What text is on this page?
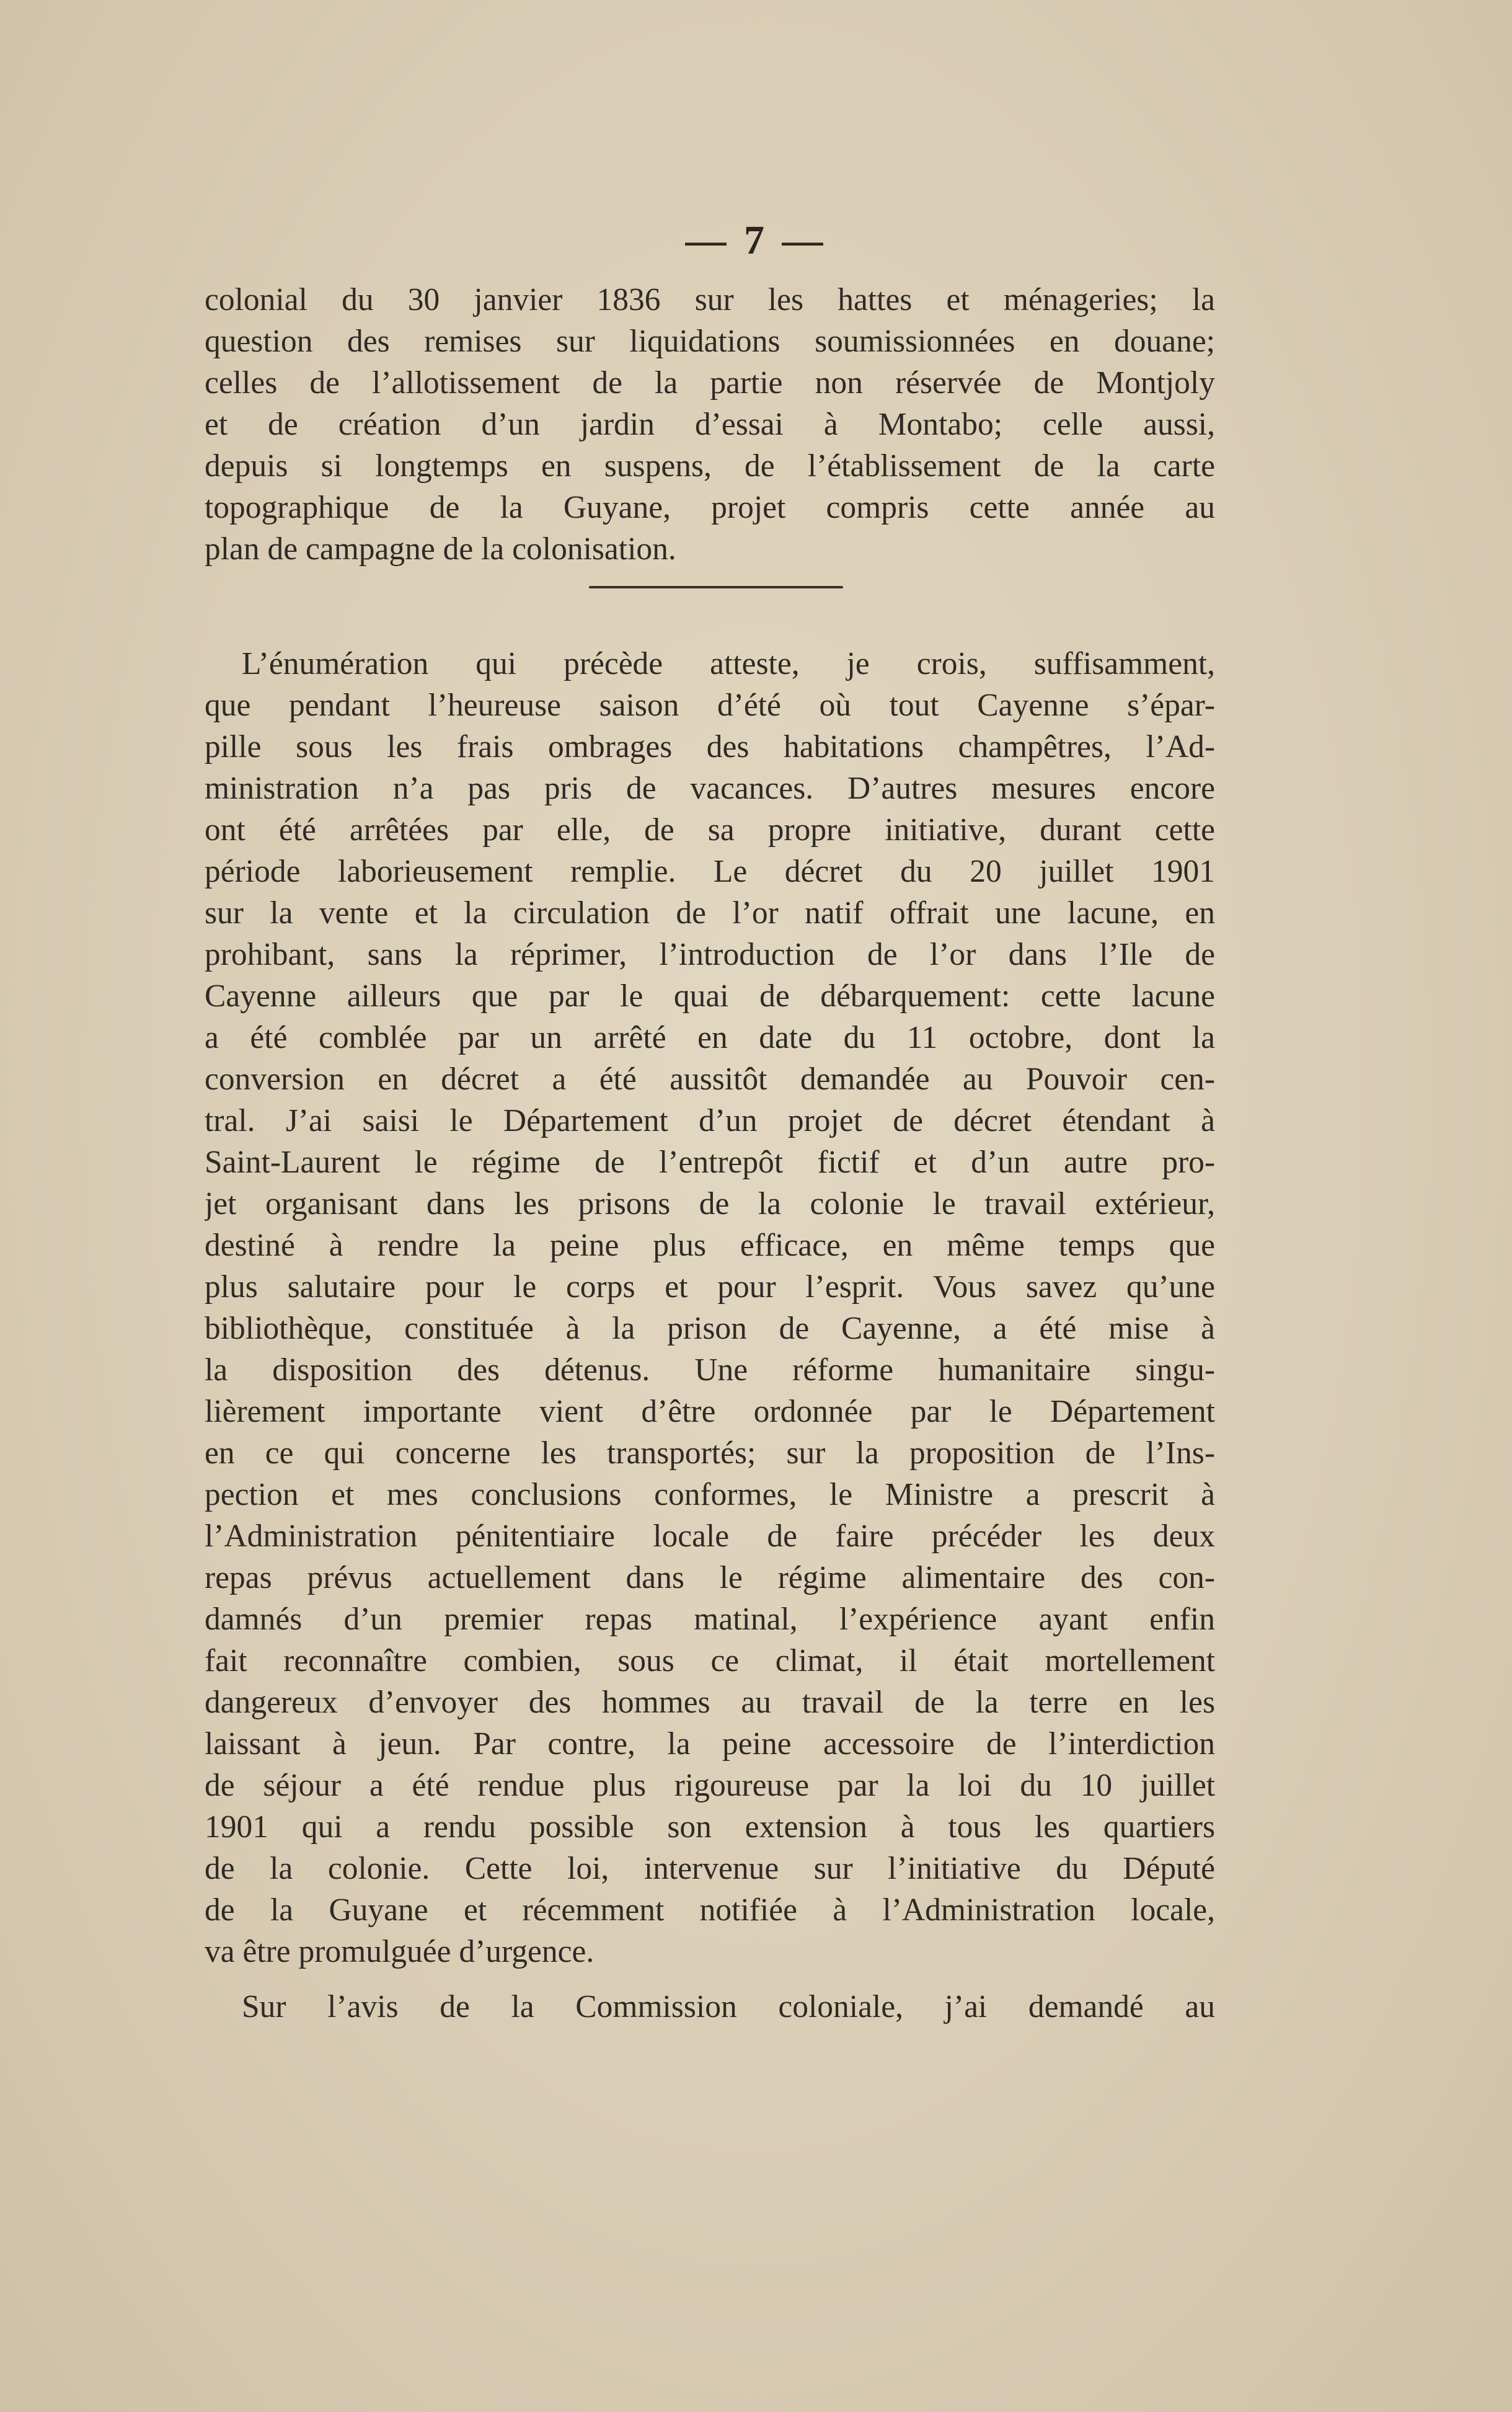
— 7 —
colonial du 30 janvier 1836 sur les hattes et ménageries; la
question des remises sur liquidations soumissionnées en douane;
celles de l’allotissement de la partie non réservée de Montjoly
et de création d’un jardin d’essai à Montabo; celle aussi,
depuis si longtemps en suspens, de l’établissement de la carte
topographique de la Guyane, projet compris cette année au
plan de campagne de la colonisation.
L’énumération qui précède atteste, je crois, suffisamment,
que pendant l’heureuse saison d’été où tout Cayenne s’épar-
pille sous les frais ombrages des habitations champêtres, l’Ad-
ministration n’a pas pris de vacances. D’autres mesures encore
ont été arrêtées par elle, de sa propre initiative, durant cette
période laborieusement remplie. Le décret du 20 juillet 1901
sur la vente et la circulation de l’or natif offrait une lacune, en
prohibant, sans la réprimer, l’introduction de l’or dans l’Ile de
Cayenne ailleurs que par le quai de débarquement: cette lacune
a été comblée par un arrêté en date du 11 octobre, dont la
conversion en décret a été aussitôt demandée au Pouvoir cen-
tral. J’ai saisi le Département d’un projet de décret étendant à
Saint-Laurent le régime de l’entrepôt fictif et d’un autre pro-
jet organisant dans les prisons de la colonie le travail extérieur,
destiné à rendre la peine plus efficace, en même temps que
plus salutaire pour le corps et pour l’esprit. Vous savez qu’une
bibliothèque, constituée à la prison de Cayenne, a été mise à
la disposition des détenus. Une réforme humanitaire singu-
lièrement importante vient d’être ordonnée par le Département
en ce qui concerne les transportés; sur la proposition de l’Ins-
pection et mes conclusions conformes, le Ministre a prescrit à
l’Administration pénitentiaire locale de faire précéder les deux
repas prévus actuellement dans le régime alimentaire des con-
damnés d’un premier repas matinal, l’expérience ayant enfin
fait reconnaître combien, sous ce climat, il était mortellement
dangereux d’envoyer des hommes au travail de la terre en les
laissant à jeun. Par contre, la peine accessoire de l’interdiction
de séjour a été rendue plus rigoureuse par la loi du 10 juillet
1901 qui a rendu possible son extension à tous les quartiers
de la colonie. Cette loi, intervenue sur l’initiative du Député
de la Guyane et récemment notifiée à l’Administration locale,
va être promulguée d’urgence.
Sur l’avis de la Commission coloniale, j’ai demandé au
